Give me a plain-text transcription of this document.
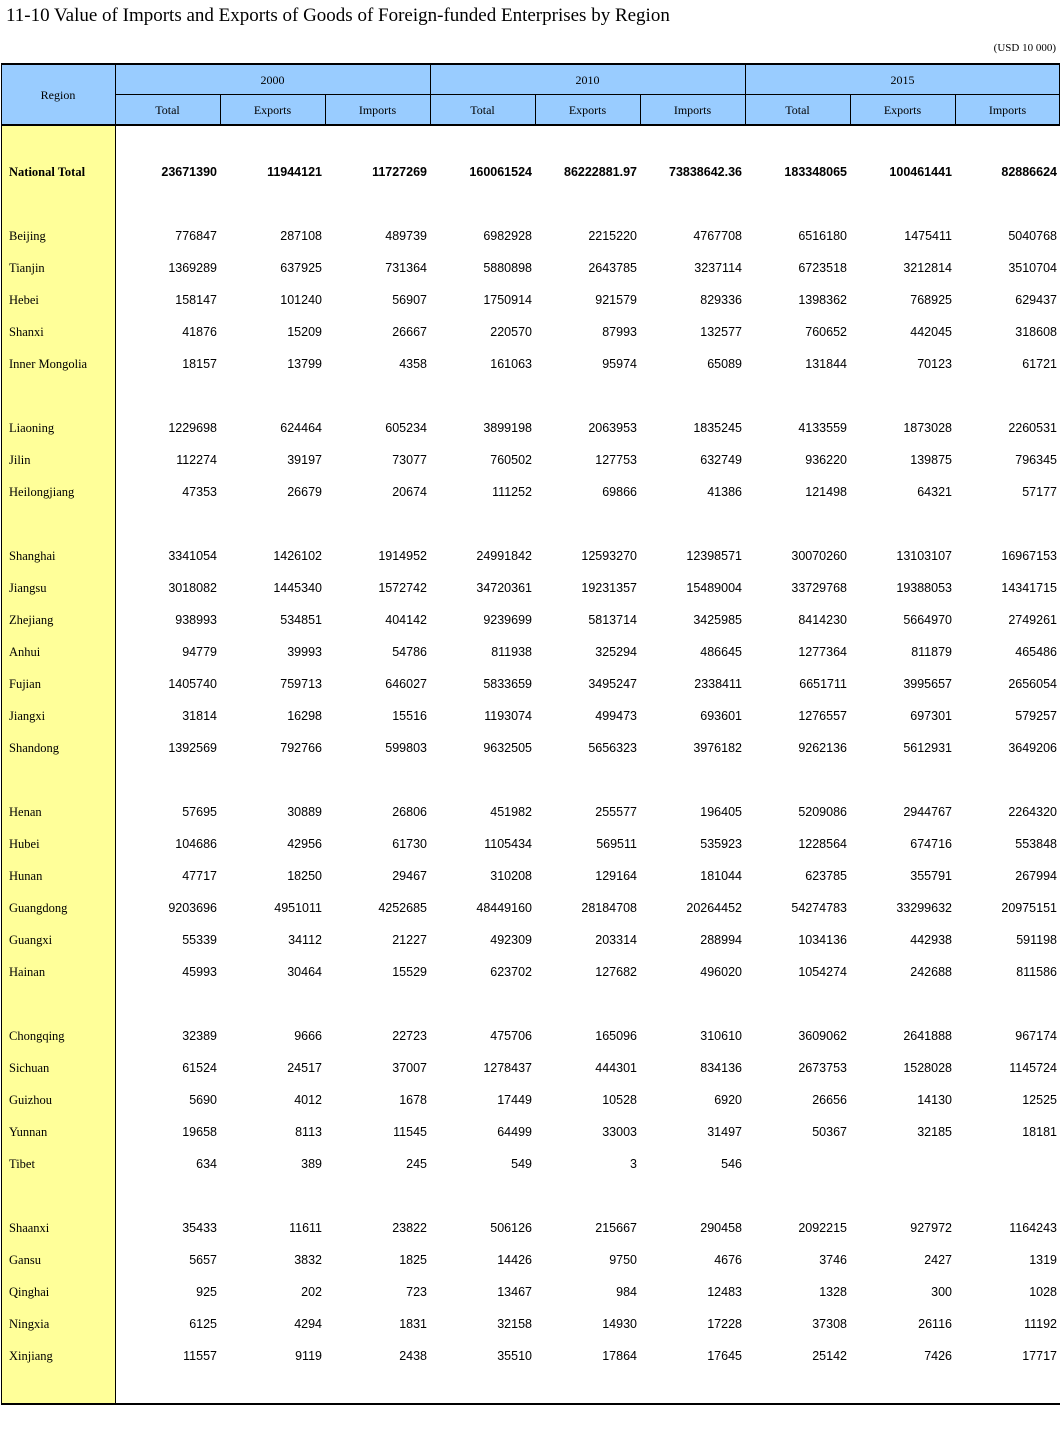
11-10 Value of Imports and Exports of Goods of Foreign-funded Enterprises by Region
(USD 10 000)
Region
2000	2010	2015
Total	Exports	Imports	Total	Exports	Imports	Total	Exports	Imports
National Total	23671390	11944121	11727269	160061524	86222881.97	73838642.36	183348065	100461441	82886624
Beijing	776847	287108	489739	6982928	2215220	4767708	6516180	1475411	5040768
Tianjin	1369289	637925	731364	5880898	2643785	3237114	6723518	3212814	3510704
Hebei	158147	101240	56907	1750914	921579	829336	1398362	768925	629437
Shanxi	41876	15209	26667	220570	87993	132577	760652	442045	318608
Inner Mongolia	18157	13799	4358	161063	95974	65089	131844	70123	61721
Liaoning	1229698	624464	605234	3899198	2063953	1835245	4133559	1873028	2260531
Jilin	112274	39197	73077	760502	127753	632749	936220	139875	796345
Heilongjiang	47353	26679	20674	111252	69866	41386	121498	64321	57177
Shanghai	3341054	1426102	1914952	24991842	12593270	12398571	30070260	13103107	16967153
Jiangsu	3018082	1445340	1572742	34720361	19231357	15489004	33729768	19388053	14341715
Zhejiang	938993	534851	404142	9239699	5813714	3425985	8414230	5664970	2749261
Anhui	94779	39993	54786	811938	325294	486645	1277364	811879	465486
Fujian	1405740	759713	646027	5833659	3495247	2338411	6651711	3995657	2656054
Jiangxi	31814	16298	15516	1193074	499473	693601	1276557	697301	579257
Shandong	1392569	792766	599803	9632505	5656323	3976182	9262136	5612931	3649206
Henan	57695	30889	26806	451982	255577	196405	5209086	2944767	2264320
Hubei	104686	42956	61730	1105434	569511	535923	1228564	674716	553848
Hunan	47717	18250	29467	310208	129164	181044	623785	355791	267994
Guangdong	9203696	4951011	4252685	48449160	28184708	20264452	54274783	33299632	20975151
Guangxi	55339	34112	21227	492309	203314	288994	1034136	442938	591198
Hainan	45993	30464	15529	623702	127682	496020	1054274	242688	811586
Chongqing	32389	9666	22723	475706	165096	310610	3609062	2641888	967174
Sichuan	61524	24517	37007	1278437	444301	834136	2673753	1528028	1145724
Guizhou	5690	4012	1678	17449	10528	6920	26656	14130	12525
Yunnan	19658	8113	11545	64499	33003	31497	50367	32185	18181
Tibet	634	389	245	549	3	546
Shaanxi	35433	11611	23822	506126	215667	290458	2092215	927972	1164243
Gansu	5657	3832	1825	14426	9750	4676	3746	2427	1319
Qinghai	925	202	723	13467	984	12483	1328	300	1028
Ningxia	6125	4294	1831	32158	14930	17228	37308	26116	11192
Xinjiang	11557	9119	2438	35510	17864	17645	25142	7426	17717
